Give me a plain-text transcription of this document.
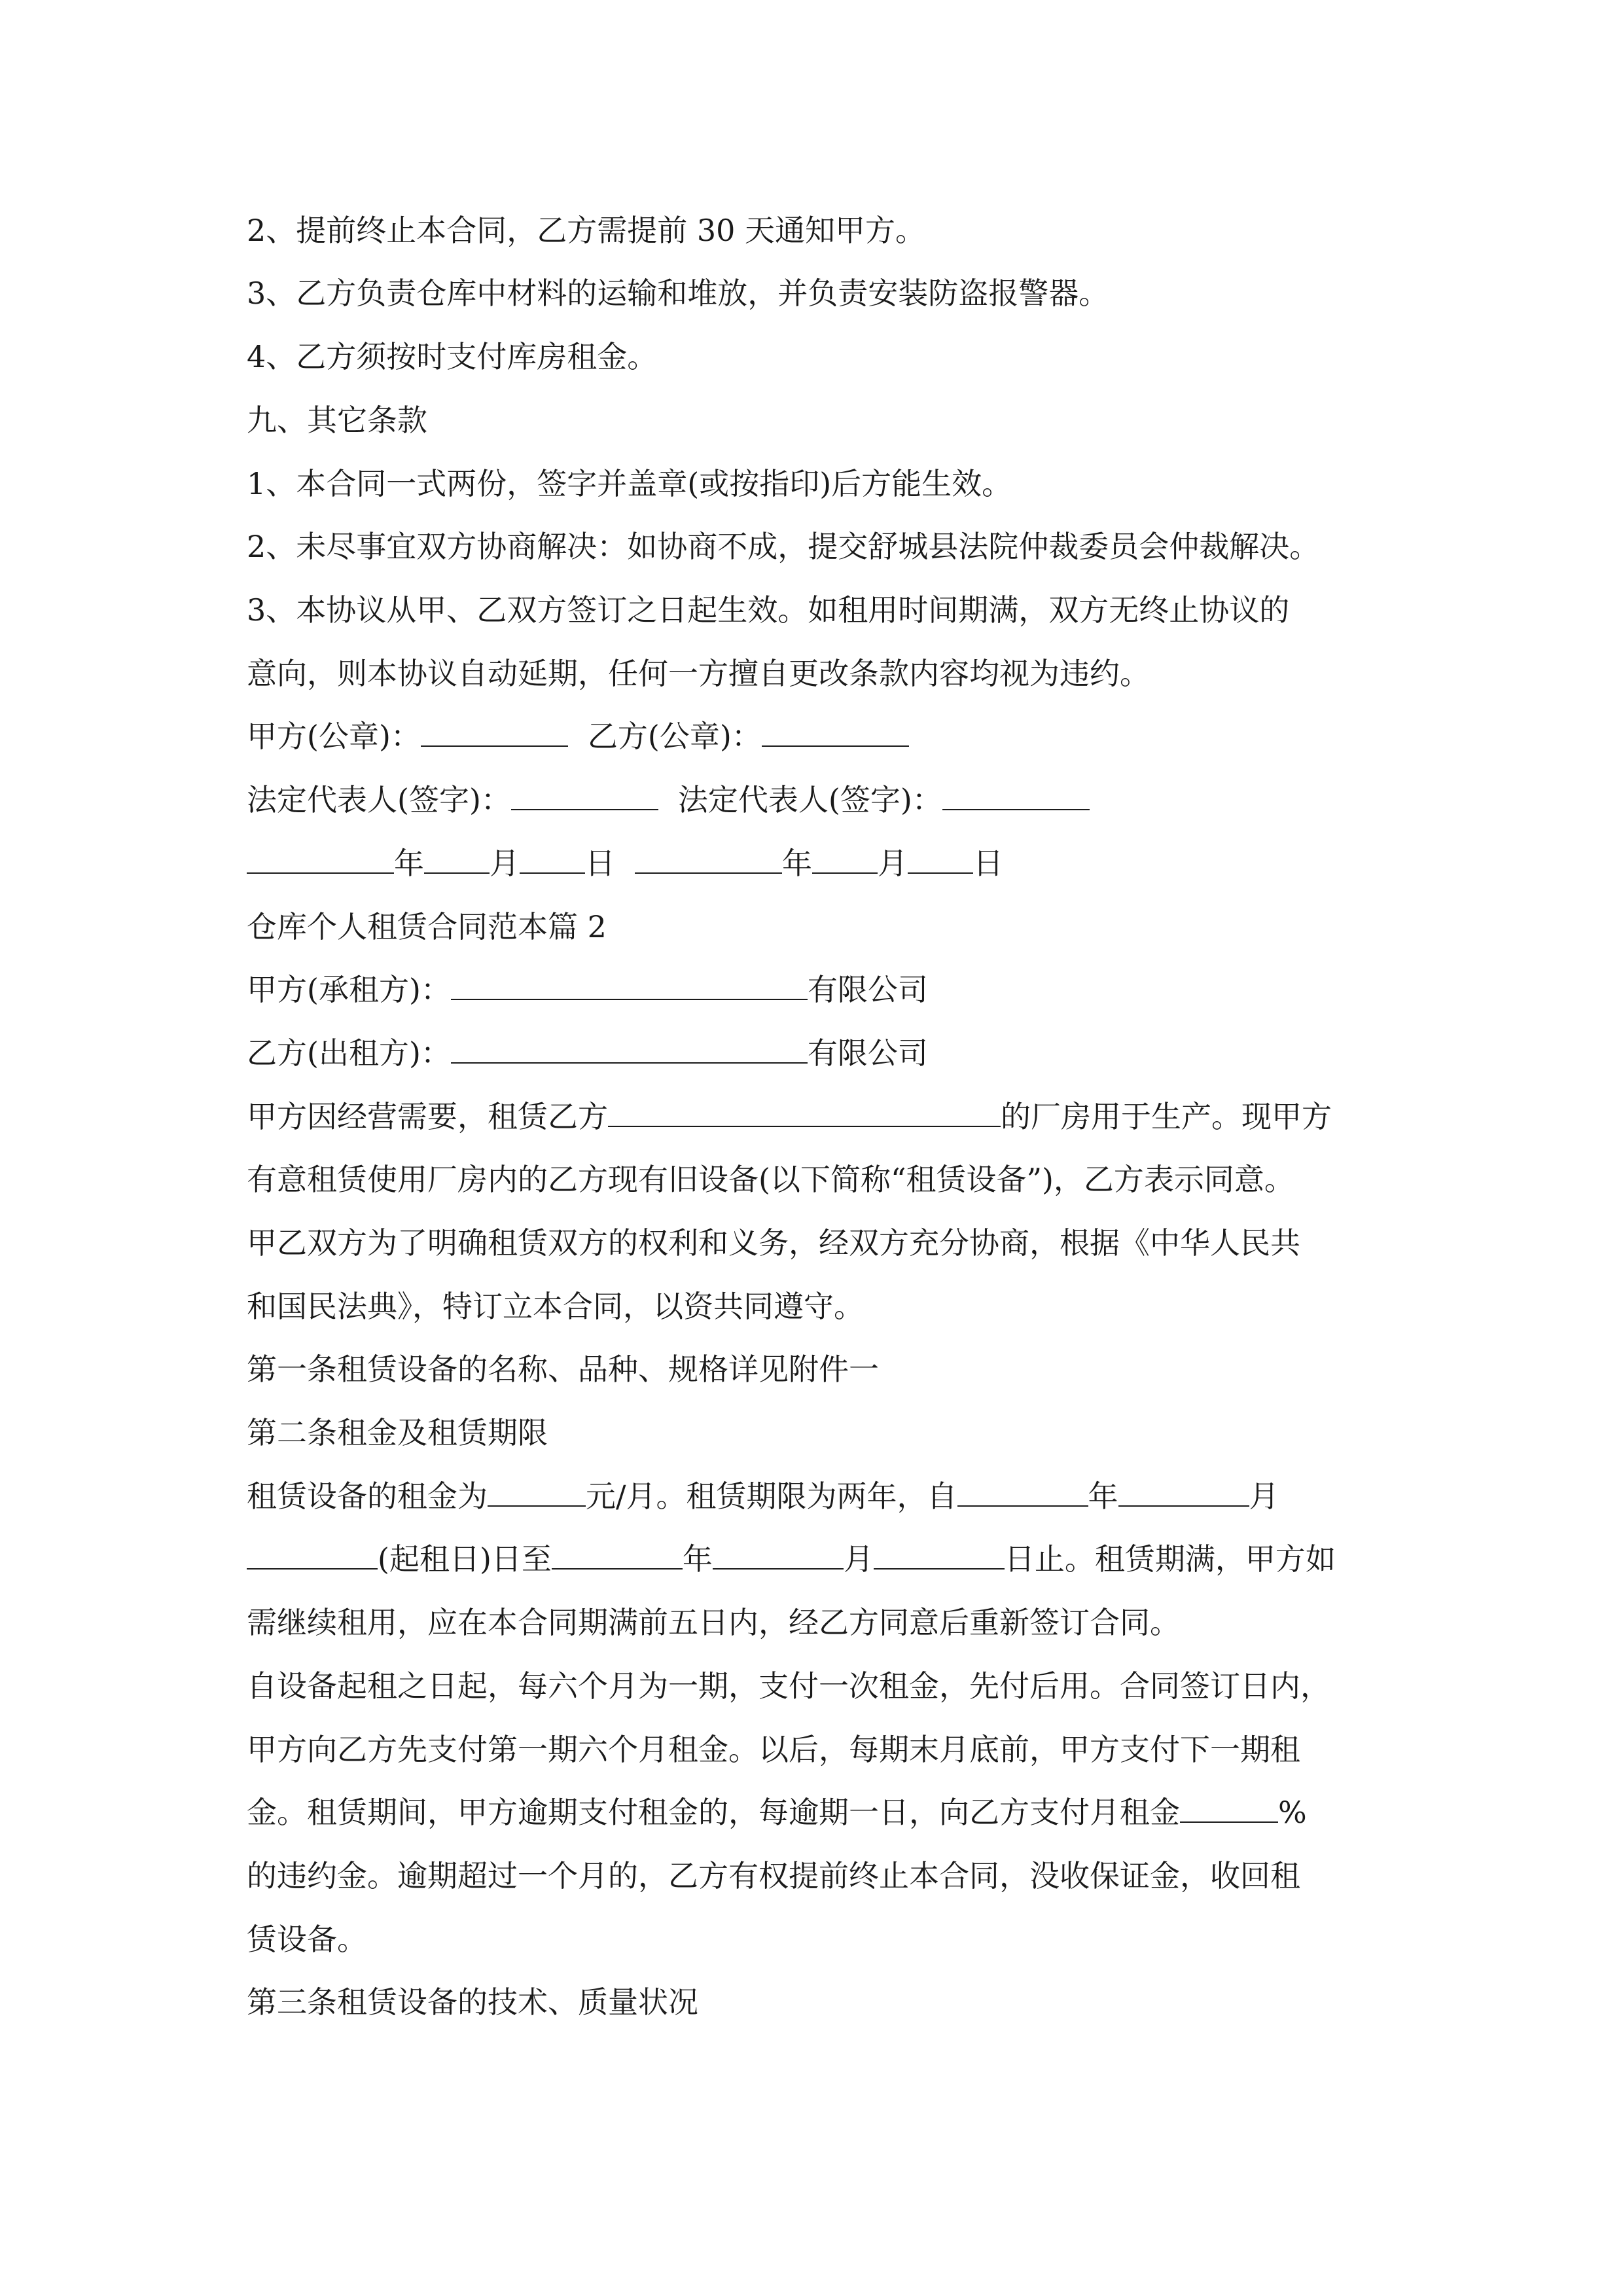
2、提前终止本合同，乙方需提前 30 天通知甲方。
3、乙方负责仓库中材料的运输和堆放，并负责安装防盗报警器。
4、乙方须按时支付库房租金。
九、其它条款
1、本合同一式两份，签字并盖章(或按指印)后方能生效。
2、未尽事宜双方协商解决：如协商不成，提交舒城县法院仲裁委员会仲裁解决。
3、本协议从甲、乙双方签订之日起生效。如租用时间期满，双方无终止协议的
意向，则本协议自动延期，任何一方擅自更改条款内容均视为违约。
甲方(公章)：	乙方(公章)：
法定代表人(签字)：	法定代表人(签字)：
年 月 日	年 月 日
仓库个人租赁合同范本篇 2
甲方(承租方)：	有限公司
乙方(出租方)：	有限公司
甲方因经营需要，租赁乙方	的厂房用于生产。现甲方
有意租赁使用厂房内的乙方现有旧设备(以下简称“租赁设备”)，乙方表示同意。
甲乙双方为了明确租赁双方的权利和义务，经双方充分协商，根据《中华人民共
和国民法典》，特订立本合同，以资共同遵守。
第一条租赁设备的名称、品种、规格详见附件一
第二条租金及租赁期限
租赁设备的租金为	元/月。租赁期限为两年，自	年	月
(起租日)日至	年	月	日止。租赁期满，甲方如
需继续租用，应在本合同期满前五日内，经乙方同意后重新签订合同。
自设备起租之日起，每六个月为一期，支付一次租金，先付后用。合同签订日内，
甲方向乙方先支付第一期六个月租金。以后，每期末月底前，甲方支付下一期租
金。租赁期间，甲方逾期支付租金的，每逾期一日，向乙方支付月租金	%
的违约金。逾期超过一个月的，乙方有权提前终止本合同，没收保证金，收回租
赁设备。
第三条租赁设备的技术、质量状况
